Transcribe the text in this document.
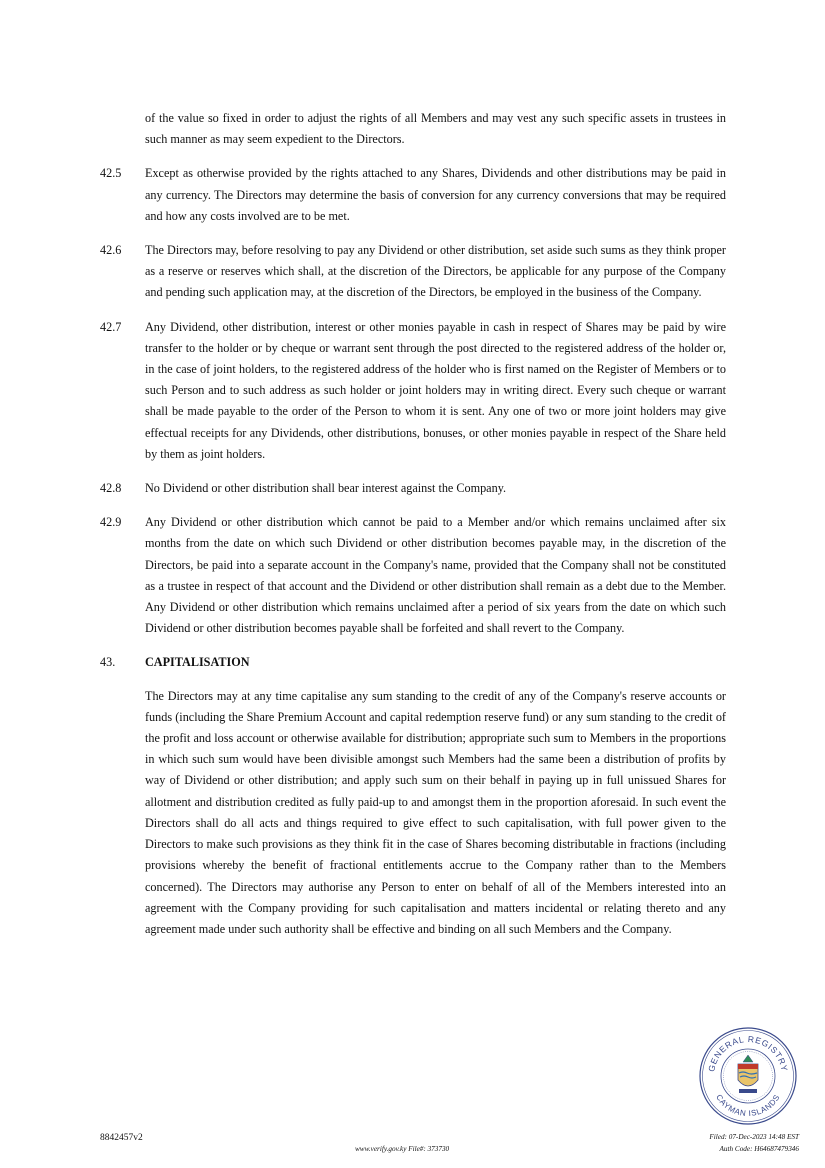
of the value so fixed in order to adjust the rights of all Members and may vest any such specific assets in trustees in such manner as may seem expedient to the Directors.
42.5	Except as otherwise provided by the rights attached to any Shares, Dividends and other distributions may be paid in any currency. The Directors may determine the basis of conversion for any currency conversions that may be required and how any costs involved are to be met.
42.6	The Directors may, before resolving to pay any Dividend or other distribution, set aside such sums as they think proper as a reserve or reserves which shall, at the discretion of the Directors, be applicable for any purpose of the Company and pending such application may, at the discretion of the Directors, be employed in the business of the Company.
42.7	Any Dividend, other distribution, interest or other monies payable in cash in respect of Shares may be paid by wire transfer to the holder or by cheque or warrant sent through the post directed to the registered address of the holder or, in the case of joint holders, to the registered address of the holder who is first named on the Register of Members or to such Person and to such address as such holder or joint holders may in writing direct. Every such cheque or warrant shall be made payable to the order of the Person to whom it is sent. Any one of two or more joint holders may give effectual receipts for any Dividends, other distributions, bonuses, or other monies payable in respect of the Share held by them as joint holders.
42.8	No Dividend or other distribution shall bear interest against the Company.
42.9	Any Dividend or other distribution which cannot be paid to a Member and/or which remains unclaimed after six months from the date on which such Dividend or other distribution becomes payable may, in the discretion of the Directors, be paid into a separate account in the Company's name, provided that the Company shall not be constituted as a trustee in respect of that account and the Dividend or other distribution shall remain as a debt due to the Member. Any Dividend or other distribution which remains unclaimed after a period of six years from the date on which such Dividend or other distribution becomes payable shall be forfeited and shall revert to the Company.
43.	CAPITALISATION
The Directors may at any time capitalise any sum standing to the credit of any of the Company's reserve accounts or funds (including the Share Premium Account and capital redemption reserve fund) or any sum standing to the credit of the profit and loss account or otherwise available for distribution; appropriate such sum to Members in the proportions in which such sum would have been divisible amongst such Members had the same been a distribution of profits by way of Dividend or other distribution; and apply such sum on their behalf in paying up in full unissued Shares for allotment and distribution credited as fully paid-up to and amongst them in the proportion aforesaid. In such event the Directors shall do all acts and things required to give effect to such capitalisation, with full power given to the Directors to make such provisions as they think fit in the case of Shares becoming distributable in fractions (including provisions whereby the benefit of fractional entitlements accrue to the Company rather than to the Members concerned). The Directors may authorise any Person to enter on behalf of all of the Members interested into an agreement with the Company providing for such capitalisation and matters incidental or relating thereto and any agreement made under such authority shall be effective and binding on all such Members and the Company.
GENERAL REGISTRY
CAYMAN ISLANDS
8842457v2
www.verify.gov.ky File#: 373730
Filed: 07-Dec-2023 14:48 EST
Auth Code: H64687479346
